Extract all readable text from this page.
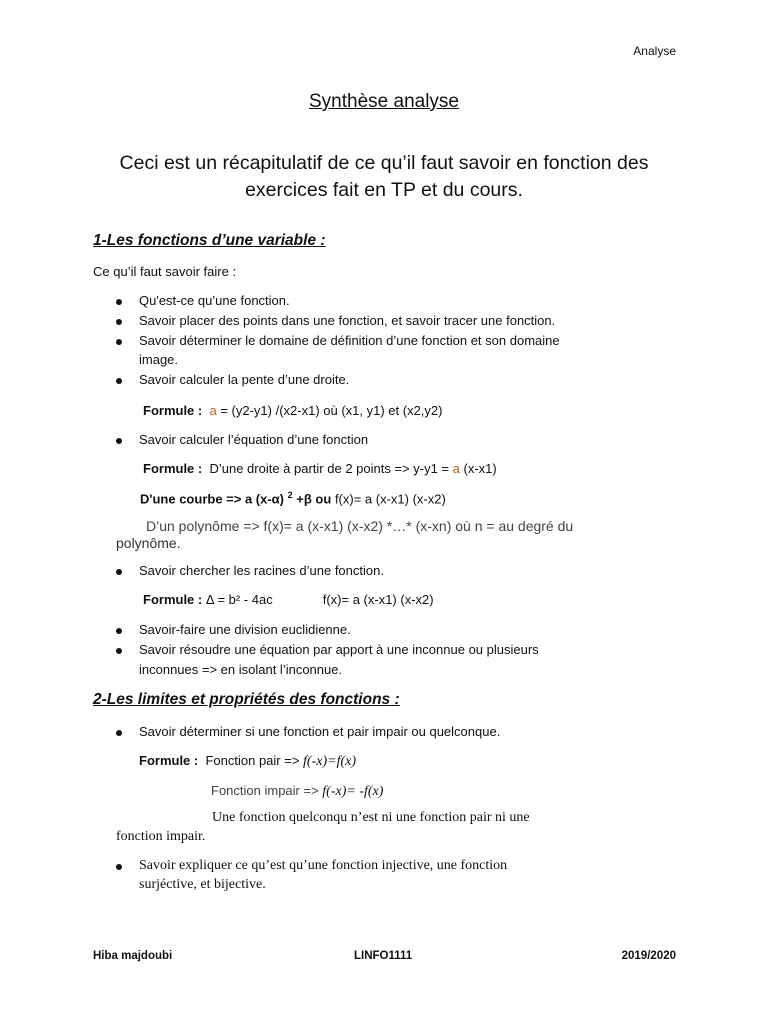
Analyse
Synthèse analyse
Ceci est un récapitulatif de ce qu’il faut savoir en fonction des
exercices fait en TP et du cours.
1-Les fonctions d’une variable :
Ce qu’il faut savoir faire :
Qu'est-ce qu’une fonction.
Savoir placer des points dans une fonction, et savoir tracer une fonction.
Savoir déterminer le domaine de définition d’une fonction et son domaine
image.
Savoir calculer la pente d’une droite.
Formule : a = (y2-y1) /(x2-x1) où (x1, y1) et (x2,y2)
Savoir calculer l’équation d’une fonction
Formule : D’une droite à partir de 2 points => y-y1 = a (x-x1)
D'une courbe => a (x-α) $^2$ +β ou f(x)= a (x-x1) (x-x2)
D’un polynôme => f(x)= a (x-x1) (x-x2) *…* (x-xn) où n = au degré du
polynôme.
Savoir chercher les racines d’une fonction.
Formule : Δ = b² - 4ac	f(x)= a (x-x1) (x-x2)
Savoir-faire une division euclidienne.
Savoir résoudre une équation par apport à une inconnue ou plusieurs
inconnues => en isolant l’inconnue.
2-Les limites et propriétés des fonctions :
Savoir déterminer si une fonction et pair impair ou quelconque.
Formule : Fonction pair => f(-x)=f(x)
Fonction impair => f(-x)= -f(x)
Une fonction quelconqu n’est ni une fonction pair ni une
fonction impair.
Savoir expliquer ce qu’est qu’une fonction injective, une fonction
surjéctive, et bijective.
Hiba majdoubi	LINFO1111	2019/2020
